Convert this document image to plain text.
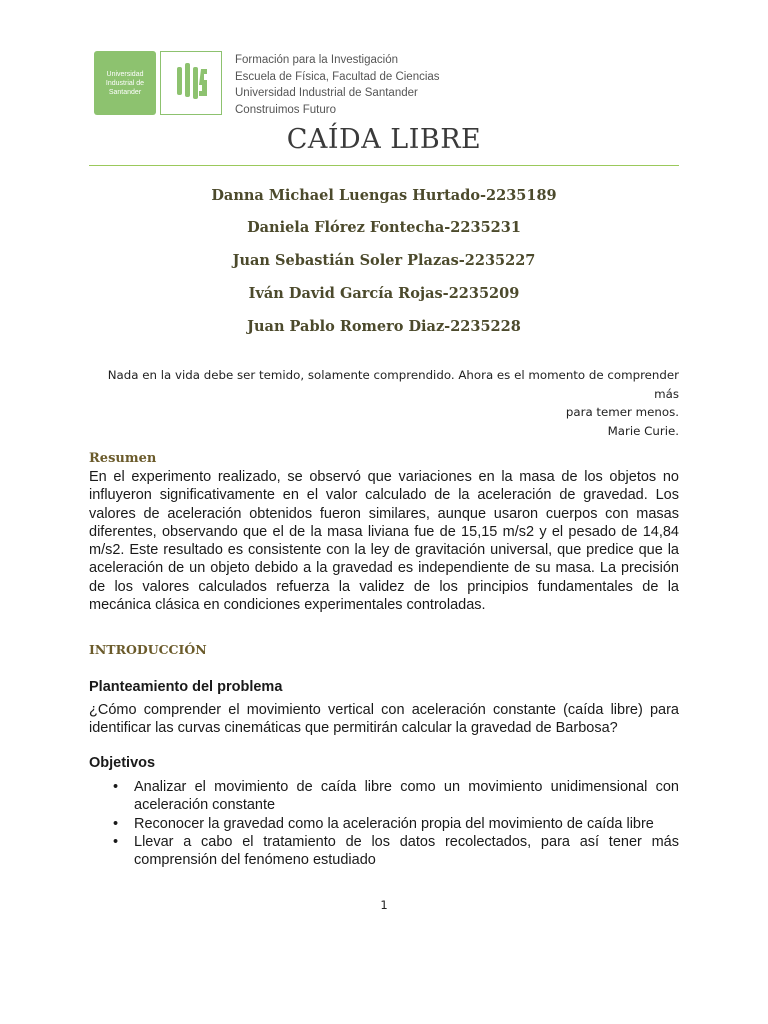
Universidad
Industrial de
Santander
Formación para la Investigación
Escuela de Física, Facultad de Ciencias
Universidad Industrial de Santander
Construimos Futuro
CAÍDA LIBRE
Danna Michael Luengas Hurtado-2235189
Daniela Flórez Fontecha-2235231
Juan Sebastián Soler Plazas-2235227
Iván David García Rojas-2235209
Juan Pablo Romero Diaz-2235228
Nada en la vida debe ser temido, solamente comprendido. Ahora es el momento de comprender más
para temer menos.
Marie Curie.
Resumen
En el experimento realizado, se observó que variaciones en la masa de los objetos no influyeron significativamente en el valor calculado de la aceleración de gravedad. Los valores de aceleración obtenidos fueron similares, aunque usaron cuerpos con masas diferentes, observando que el de la masa liviana fue de 15,15 m/s2 y el pesado de 14,84 m/s2. Este resultado es consistente con la ley de gravitación universal, que predice que la aceleración de un objeto debido a la gravedad es independiente de su masa. La precisión de los valores calculados refuerza la validez de los principios fundamentales de la mecánica clásica en condiciones experimentales controladas.
INTRODUCCIÓN
Planteamiento del problema
¿Cómo comprender el movimiento vertical con aceleración constante (caída libre) para identificar las curvas cinemáticas que permitirán calcular la gravedad de Barbosa?
Objetivos
• Analizar el movimiento de caída libre como un movimiento unidimensional con aceleración constante
• Reconocer la gravedad como la aceleración propia del movimiento de caída libre
• Llevar a cabo el tratamiento de los datos recolectados, para así tener más comprensión del fenómeno estudiado
1
